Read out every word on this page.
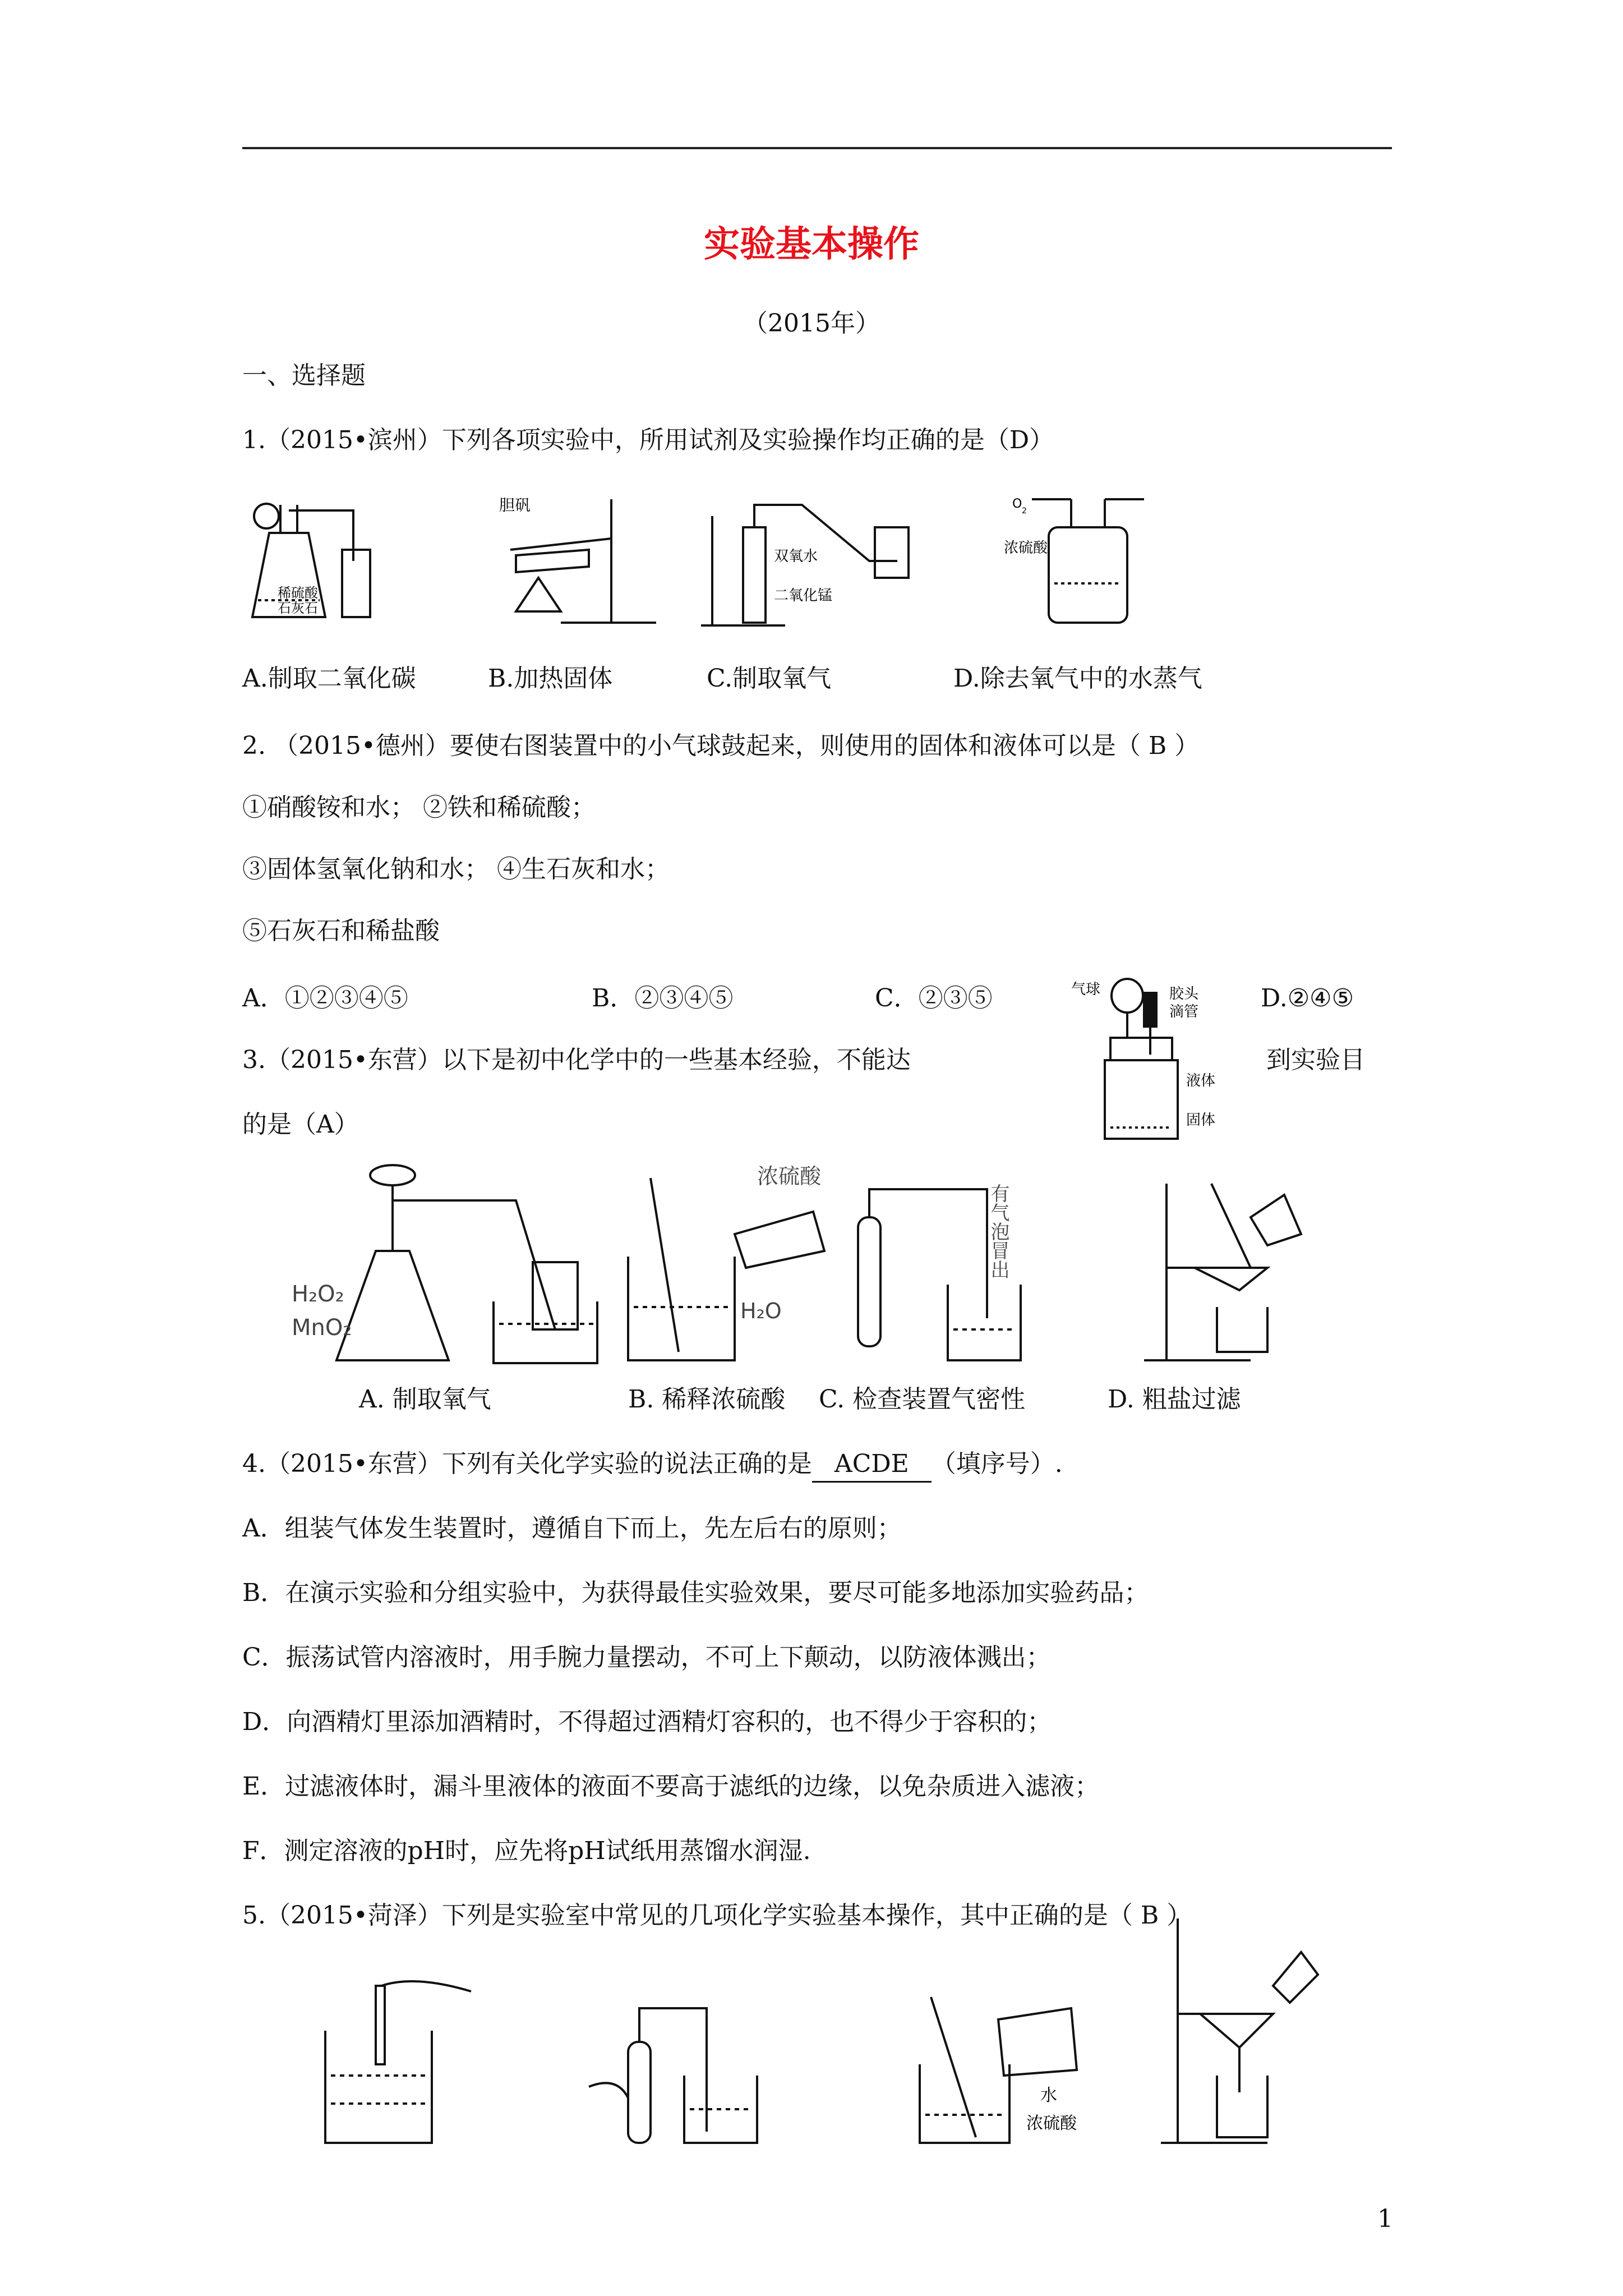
实验基本操作
（2015年）
一、选择题
1.（2015•滨州）下列各项实验中，所用试剂及实验操作均正确的是（D）
稀硫酸
石灰石
胆矾
双氧水
二氧化锰
O 2
浓硫酸
A.制取二氧化碳	B.加热固体	C.制取氧气	D.除去氧气中的水蒸气
2. （2015•德州）要使右图装置中的小气球鼓起来，则使用的固体和液体可以是（ B ）
①硝酸铵和水； ②铁和稀硫酸；
③固体氢氧化钠和水； ④生石灰和水；
⑤石灰石和稀盐酸
A．①②③④⑤	B．②③④⑤	C．②③⑤	D.②④⑤
气球	胶头
滴管
液体
固体
3.（2015•东营）以下是初中化学中的一些基本经验，不能达	到实验目
的是（A）
H₂O₂
MnO₂
浓硫酸
H₂O
有气泡冒出
A. 制取氧气	B. 稀释浓硫酸 C. 检查装置气密性	D. 粗盐过滤
4.（2015•东营）下列有关化学实验的说法正确的是 ACDE （填序号）.
A．组装气体发生装置时，遵循自下而上，先左后右的原则；
B．在演示实验和分组实验中，为获得最佳实验效果，要尽可能多地添加实验药品；
C．振荡试管内溶液时，用手腕力量摆动，不可上下颠动，以防液体溅出；
D．向酒精灯里添加酒精时，不得超过酒精灯容积的，也不得少于容积的；
E．过滤液体时，漏斗里液体的液面不要高于滤纸的边缘，以免杂质进入滤液；
F．测定溶液的pH时，应先将pH试纸用蒸馏水润湿.
5.（2015•菏泽）下列是实验室中常见的几项化学实验基本操作，其中正确的是（ B ）
水
浓硫酸
1
